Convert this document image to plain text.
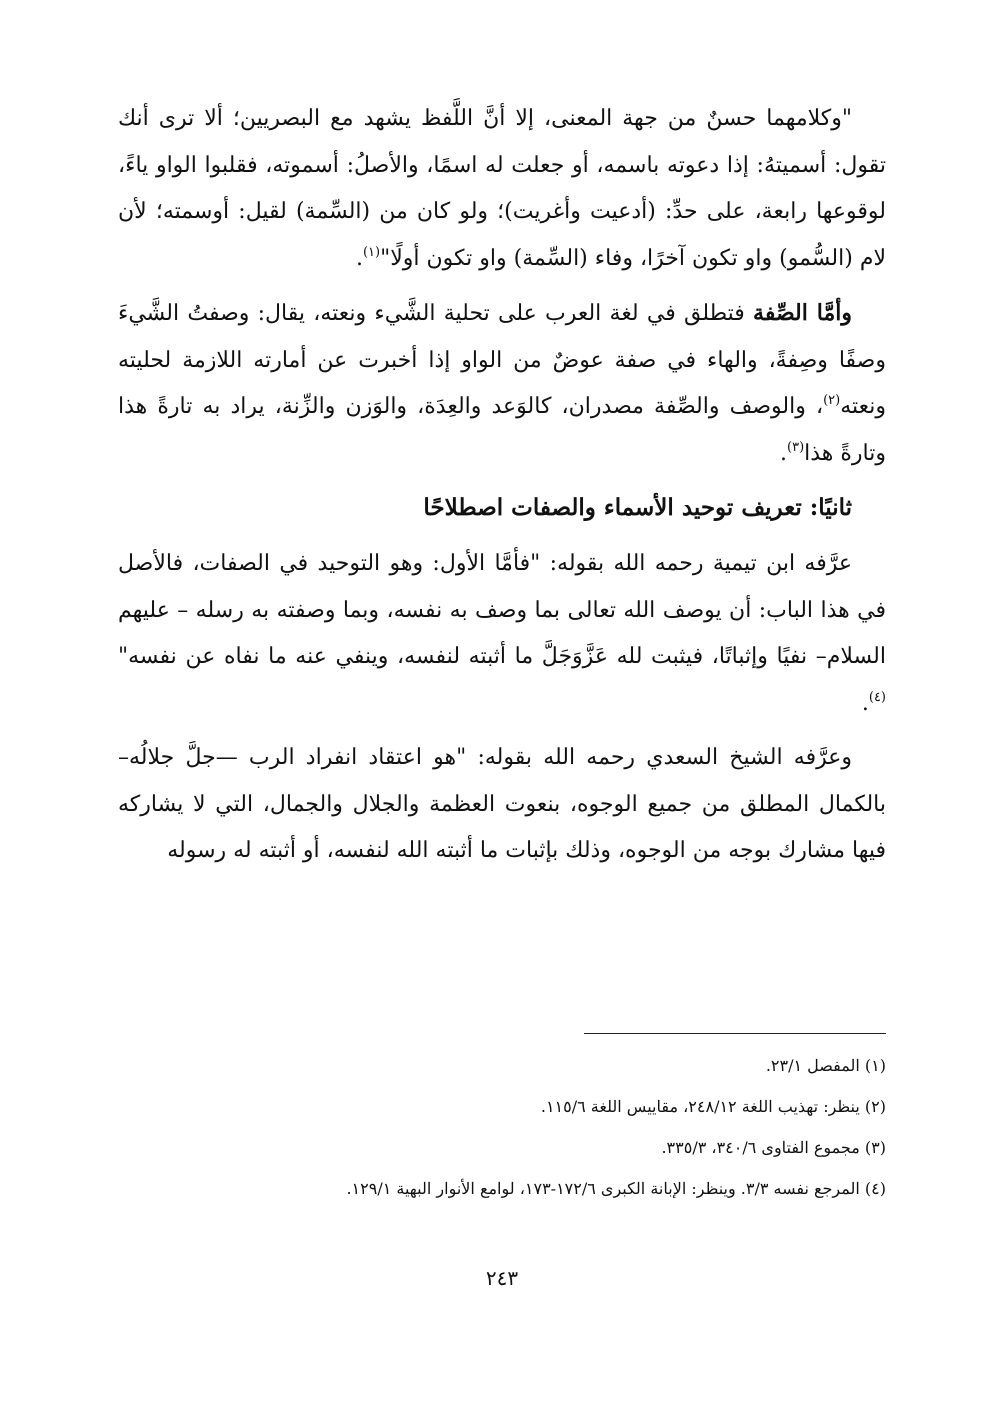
"وكلامهما حسنٌ من جهة المعنى، إلا أنَّ اللَّفظ يشهد مع البصريين؛ ألا ترى أنك تقول: أسميتهُ: إذا دعوته باسمه، أو جعلت له اسمًا، والأصلُ: أسموته، فقلبوا الواو ياءً، لوقوعها رابعة، على حدِّ: (أدعيت وأغريت)؛ ولو كان من (السِّمة) لقيل: أوسمته؛ لأن لام (السُّمو) واو تكون آخرًا، وفاء (السِّمة) واو تكون أولًا"$^{(١)}$.

وأمَّا الصِّفة فتطلق في لغة العرب على تحلية الشَّيء ونعته، يقال: وصفتُ الشَّيءَ وصفًا وصِفةً، والهاء في صفة عوضٌ من الواو إذا أخبرت عن أمارته اللازمة لحليته ونعته$^{(٢)}$، والوصف والصِّفة مصدران، كالوَعد والعِدَة، والوَزن والزِّنة، يراد به تارةً هذا وتارةً هذا$^{(٣)}$.

ثانيًا: تعريف توحيد الأسماء والصفات اصطلاحًا

عرَّفه ابن تيمية رحمه الله بقوله: "فأمَّا الأول: وهو التوحيد في الصفات، فالأصل في هذا الباب: أن يوصف الله تعالى بما وصف به نفسه، وبما وصفته به رسله – عليهم السلام– نفيًا وإثباتًا، فيثبت لله عَزَّوَجَلَّ ما أثبته لنفسه، وينفي عنه ما نفاه عن نفسه"$^{(٤)}$.

وعرَّفه الشيخ السعدي رحمه الله بقوله: "هو اعتقاد انفراد الرب —جلَّ جلالُه– بالكمال المطلق من جميع الوجوه، بنعوت العظمة والجلال والجمال، التي لا يشاركه فيها مشارك بوجه من الوجوه، وذلك بإثبات ما أثبته الله لنفسه، أو أثبته له رسوله

(١) المفصل ٢٣/١.

(٢) ينظر: تهذيب اللغة ٢٤٨/١٢، مقاييس اللغة ١١٥/٦.

(٣) مجموع الفتاوى ٣٤٠/٦، ٣٣٥/٣.

(٤) المرجع نفسه ٣/٣. وينظر: الإبانة الكبرى ١٧٢/٦-١٧٣، لوامع الأنوار البهية ١٢٩/١.

٢٤٣
